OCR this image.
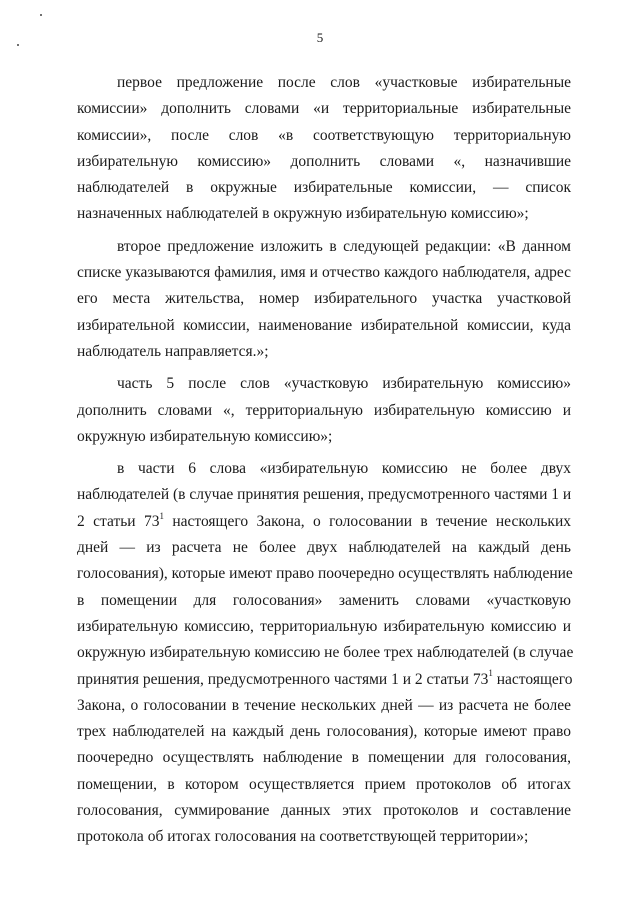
5
первое предложение после слов «участковые избирательные
комиссии» дополнить словами «и территориальные избирательные
комиссии», после слов «в соответствующую территориальную
избирательную комиссию» дополнить словами «, назначившие
наблюдателей в окружные избирательные комиссии, — список
назначенных наблюдателей в окружную избирательную комиссию»;
второе предложение изложить в следующей редакции: «В данном
списке указываются фамилия, имя и отчество каждого наблюдателя, адрес
его места жительства, номер избирательного участка участковой
избирательной комиссии, наименование избирательной комиссии, куда
наблюдатель направляется.»;
часть 5 после слов «участковую избирательную комиссию»
дополнить словами «, территориальную избирательную комиссию и
окружную избирательную комиссию»;
в части 6 слова «избирательную комиссию не более двух
наблюдателей (в случае принятия решения, предусмотренного частями 1 и
2 статьи $73^1$ настоящего Закона, о голосовании в течение нескольких
дней — из расчета не более двух наблюдателей на каждый день
голосования), которые имеют право поочередно осуществлять наблюдение
в помещении для голосования» заменить словами «участковую
избирательную комиссию, территориальную избирательную комиссию и
окружную избирательную комиссию не более трех наблюдателей (в случае
принятия решения, предусмотренного частями 1 и 2 статьи $73^1$ настоящего
Закона, о голосовании в течение нескольких дней — из расчета не более
трех наблюдателей на каждый день голосования), которые имеют право
поочередно осуществлять наблюдение в помещении для голосования,
помещении, в котором осуществляется прием протоколов об итогах
голосования, суммирование данных этих протоколов и составление
протокола об итогах голосования на соответствующей территории»;
